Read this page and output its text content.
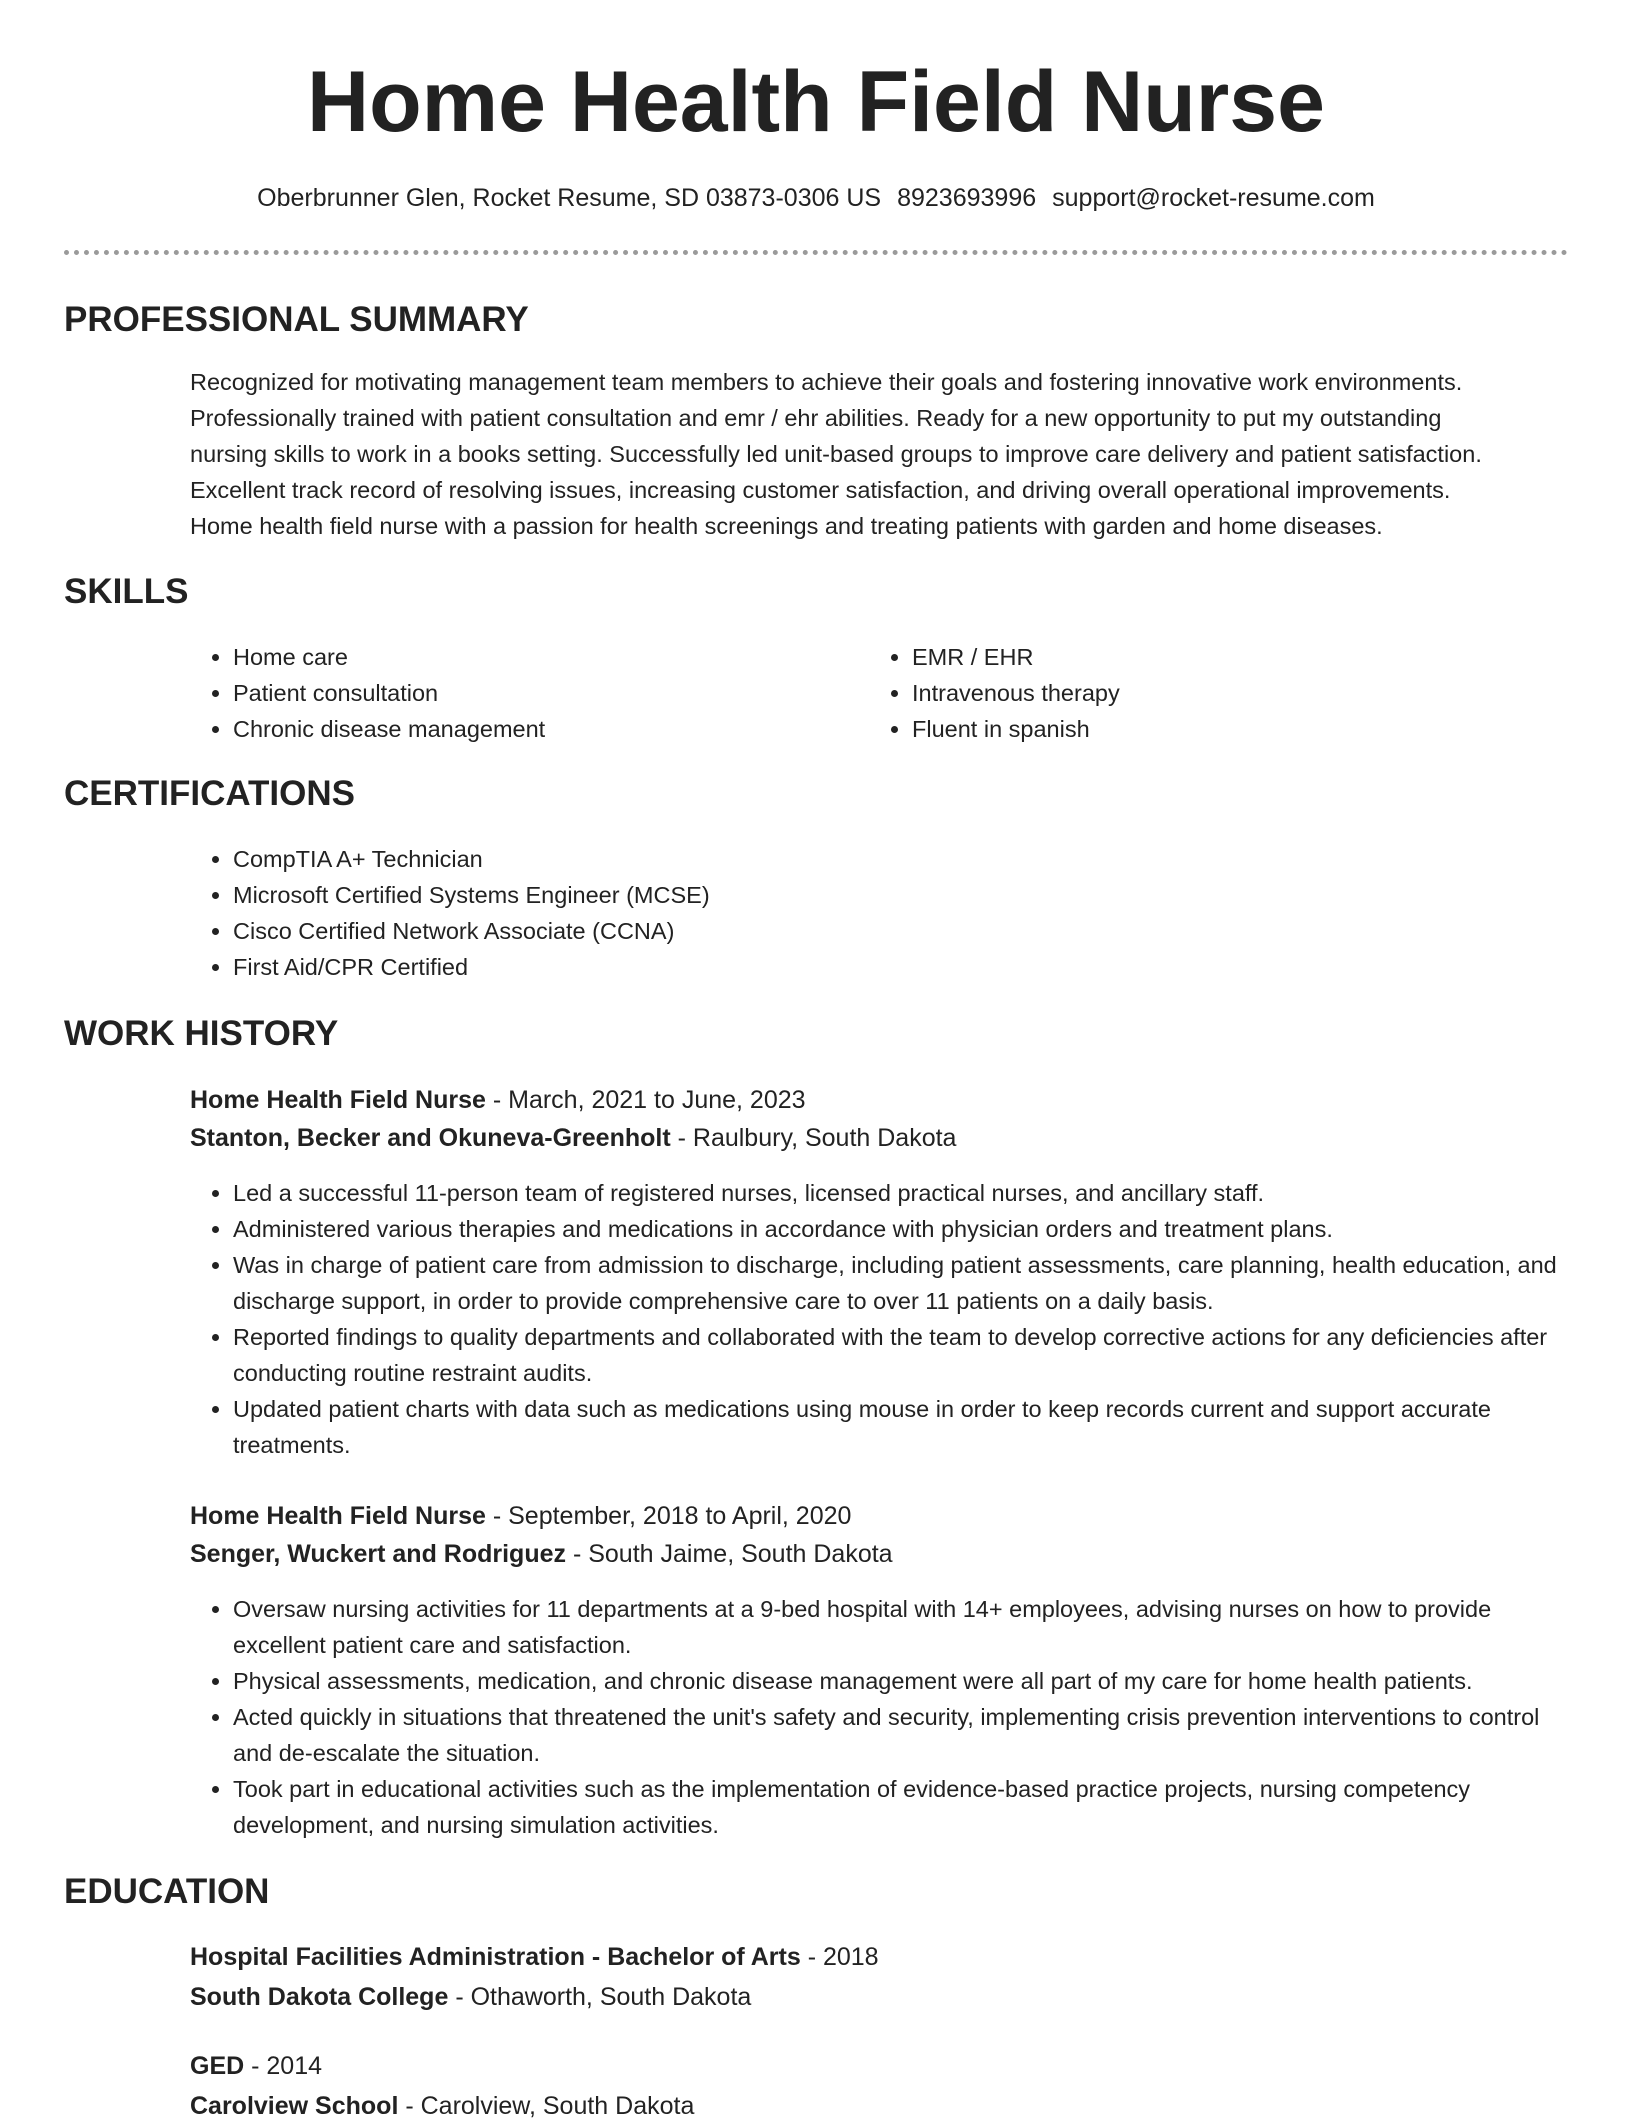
Home Health Field Nurse
Oberbrunner Glen, Rocket Resume, SD 03873-0306 US 8923693996 support@rocket-resume.com
PROFESSIONAL SUMMARY
Recognized for motivating management team members to achieve their goals and fostering innovative work environments.
Professionally trained with patient consultation and emr / ehr abilities. Ready for a new opportunity to put my outstanding
nursing skills to work in a books setting. Successfully led unit-based groups to improve care delivery and patient satisfaction.
Excellent track record of resolving issues, increasing customer satisfaction, and driving overall operational improvements.
Home health field nurse with a passion for health screenings and treating patients with garden and home diseases.
SKILLS
• Home care
• Patient consultation
• Chronic disease management
• EMR / EHR
• Intravenous therapy
• Fluent in spanish
CERTIFICATIONS
• CompTIA A+ Technician
• Microsoft Certified Systems Engineer (MCSE)
• Cisco Certified Network Associate (CCNA)
• First Aid/CPR Certified
WORK HISTORY
Home Health Field Nurse - March, 2021 to June, 2023
Stanton, Becker and Okuneva-Greenholt - Raulbury, South Dakota
• Led a successful 11-person team of registered nurses, licensed practical nurses, and ancillary staff.
• Administered various therapies and medications in accordance with physician orders and treatment plans.
• Was in charge of patient care from admission to discharge, including patient assessments, care planning, health education, and discharge support, in order to provide comprehensive care to over 11 patients on a daily basis.
• Reported findings to quality departments and collaborated with the team to develop corrective actions for any deficiencies after conducting routine restraint audits.
• Updated patient charts with data such as medications using mouse in order to keep records current and support accurate treatments.
Home Health Field Nurse - September, 2018 to April, 2020
Senger, Wuckert and Rodriguez - South Jaime, South Dakota
• Oversaw nursing activities for 11 departments at a 9-bed hospital with 14+ employees, advising nurses on how to provide excellent patient care and satisfaction.
• Physical assessments, medication, and chronic disease management were all part of my care for home health patients.
• Acted quickly in situations that threatened the unit's safety and security, implementing crisis prevention interventions to control and de-escalate the situation.
• Took part in educational activities such as the implementation of evidence-based practice projects, nursing competency development, and nursing simulation activities.
EDUCATION
Hospital Facilities Administration - Bachelor of Arts - 2018
South Dakota College - Othaworth, South Dakota
GED - 2014
Carolview School - Carolview, South Dakota
